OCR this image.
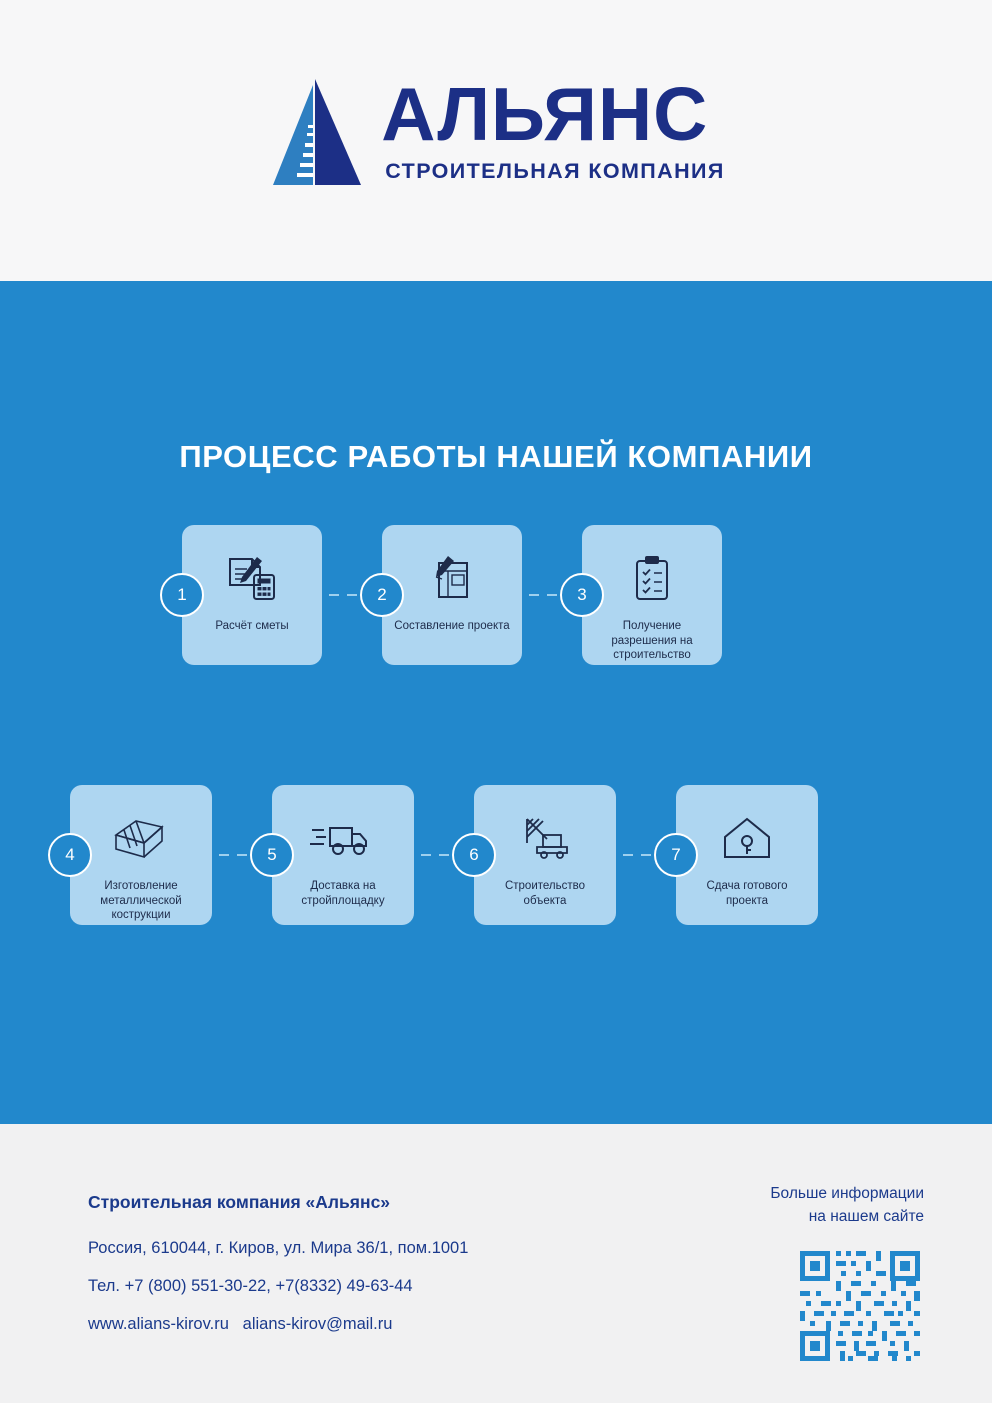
АЛЬЯНС
СТРОИТЕЛЬНАЯ КОМПАНИЯ
ПРОЦЕСС РАБОТЫ НАШЕЙ КОМПАНИИ
1
Расчёт сметы
2
Составление проекта
3
Получение разрешения на строительство
4
Изготовление металлической кострукции
5
Доставка на стройплощадку
6
Строительство объекта
7
Сдача готового проекта
Строительная компания «Альянс»
Россия, 610044, г. Киров, ул. Мира 36/1, пом.1001
Тел. +7 (800) 551-30-22, +7(8332) 49-63-44
www.alians-kirov.ru alians-kirov@mail.ru
Больше информации
на нашем сайте
